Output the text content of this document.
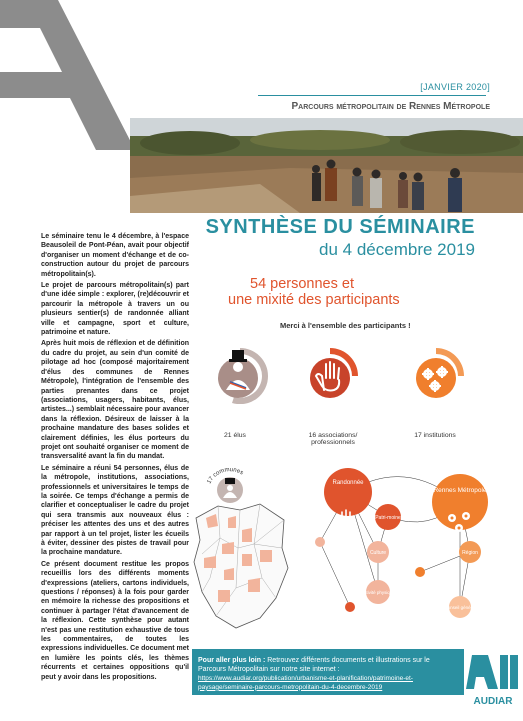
[JANVIER 2020]
Parcours métropolitain de Rennes Métropole
SYNTHÈSE DU SÉMINAIRE
du 4 décembre 2019
54 personnes et
une mixité des participants
Merci à l'ensemble des participants !

Le séminaire tenu le 4 décembre, à l'espace Beausoleil de Pont-Péan, avait pour objectif d'organiser un moment d'échange et de co-construction autour du projet de parcours métropolitain(s).

Le projet de parcours métropolitain(s) part d'une idée simple : explorer, (re)découvrir et parcourir la métropole à travers un ou plusieurs sentier(s) de randonnée alliant ville et campagne, sport et culture, patrimoine et nature.

Après huit mois de réflexion et de définition du cadre du projet, au sein d'un comité de pilotage ad hoc (composé majoritairement d'élus des communes de Rennes Métropole), l'intégration de l'ensemble des parties prenantes dans ce projet (associations, usagers, habitants, élus, artistes...) semblait nécessaire pour avancer dans la réflexion. Désireux de laisser à la prochaine mandature des bases solides et clairement définies, les élus porteurs du projet ont souhaité organiser ce moment de transversalité avant la fin du mandat.

Le séminaire a réuni 54 personnes, élus de la métropole, institutions, associations, professionnels et universitaires le temps de la soirée. Ce temps d'échange a permis de clarifier et conceptualiser le cadre du projet qui sera transmis aux nouveaux élus : préciser les attentes des uns et des autres par rapport à un tel projet, lister les écueils à éviter, dessiner des pistes de travail pour la prochaine mandature.

Ce présent document restitue les propos recueillis lors des différents moments d'expressions (ateliers, cartons individuels, questions / réponses) à la fois pour garder en mémoire la richesse des propositions et continuer à partager l'état d'avancement de la réflexion. Cette synthèse pour autant n'est pas une restitution exhaustive de tous les commentaires, de toutes les expressions individuelles. Ce document met en lumière les points clés, les thèmes récurrents et certaines oppositions qu'il peut y avoir dans les propositions.

21 élus	16 associations/ professionnels
17 institutions
17 communes
Randonnée
Patri-moine
Culture
Activité physique
Rennes Métropole
Région
Conseil général
Pour aller plus loin : Retrouvez différents documents et illustrations sur le Parcours Métropolitain sur notre site internet :
https://www.audiar.org/publication/urbanisme-et-planification/patrimoine-et-paysage/seminaire-parcours-metropolitain-du-4-decembre-2019
AUDIAR
